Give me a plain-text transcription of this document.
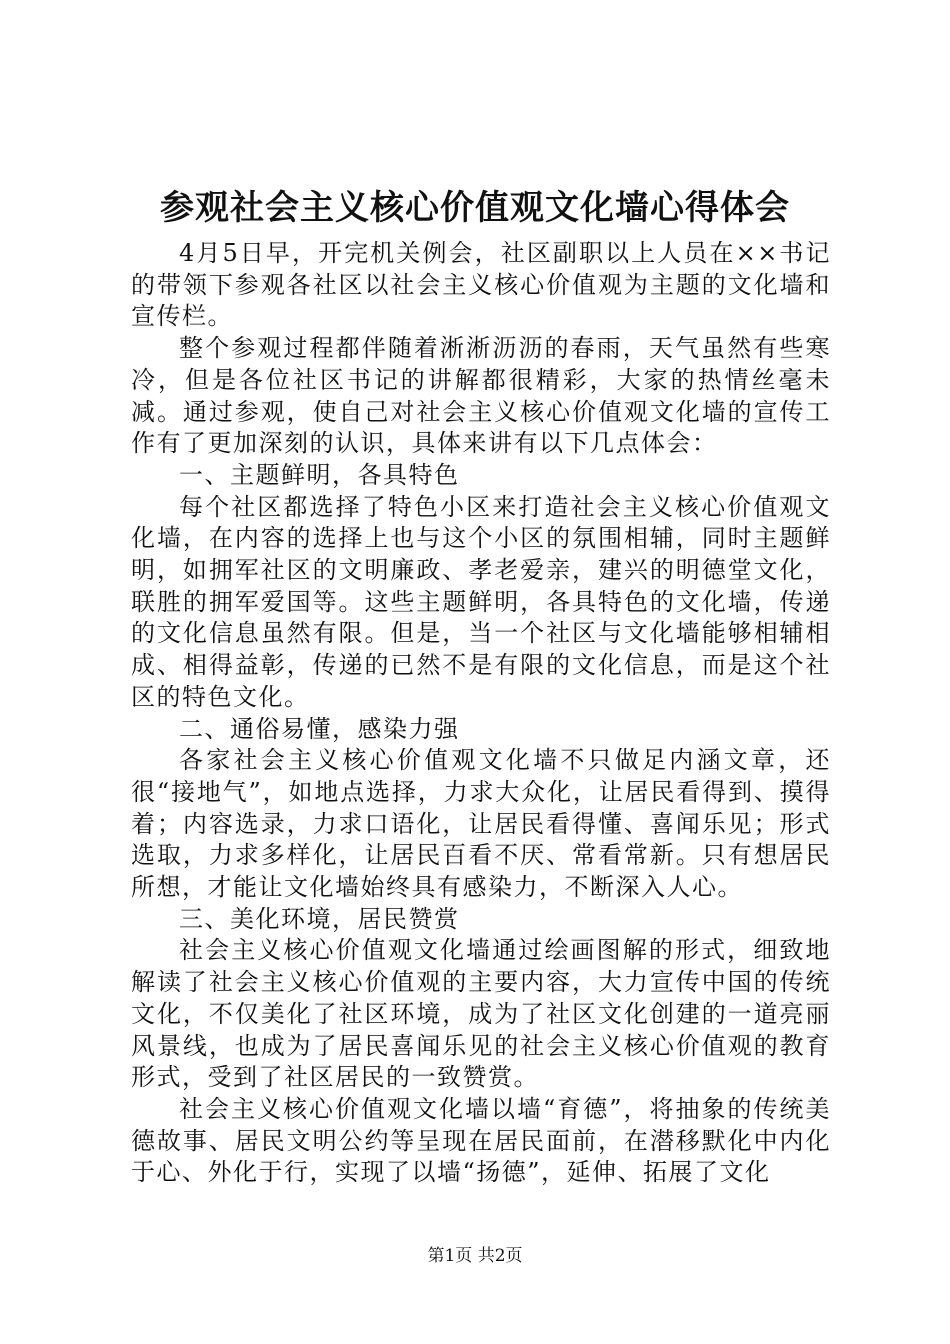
参观社会主义核心价值观文化墙心得体会

4月5日早，开完机关例会，社区副职以上人员在××书记的带领下参观各社区以社会主义核心价值观为主题的文化墙和宣传栏。

整个参观过程都伴随着淅淅沥沥的春雨，天气虽然有些寒冷，但是各位社区书记的讲解都很精彩，大家的热情丝毫未减。通过参观，使自己对社会主义核心价值观文化墙的宣传工作有了更加深刻的认识，具体来讲有以下几点体会：

一、主题鲜明，各具特色

每个社区都选择了特色小区来打造社会主义核心价值观文化墙，在内容的选择上也与这个小区的氛围相辅，同时主题鲜明，如拥军社区的文明廉政、孝老爱亲，建兴的明德堂文化，联胜的拥军爱国等。这些主题鲜明，各具特色的文化墙，传递的文化信息虽然有限。但是，当一个社区与文化墙能够相辅相成、相得益彰，传递的已然不是有限的文化信息，而是这个社区的特色文化。

二、通俗易懂，感染力强

各家社会主义核心价值观文化墙不只做足内涵文章，还很“接地气”，如地点选择，力求大众化，让居民看得到、摸得着；内容选录，力求口语化，让居民看得懂、喜闻乐见；形式选取，力求多样化，让居民百看不厌、常看常新。只有想居民所想，才能让文化墙始终具有感染力，不断深入人心。

三、美化环境，居民赞赏

社会主义核心价值观文化墙通过绘画图解的形式，细致地解读了社会主义核心价值观的主要内容，大力宣传中国的传统文化，不仅美化了社区环境，成为了社区文化创建的一道亮丽风景线，也成为了居民喜闻乐见的社会主义核心价值观的教育形式，受到了社区居民的一致赞赏。

社会主义核心价值观文化墙以墙“育德”，将抽象的传统美德故事、居民文明公约等呈现在居民面前，在潜移默化中内化于心、外化于行，实现了以墙“扬德”，延伸、拓展了文化

第1页 共2页
